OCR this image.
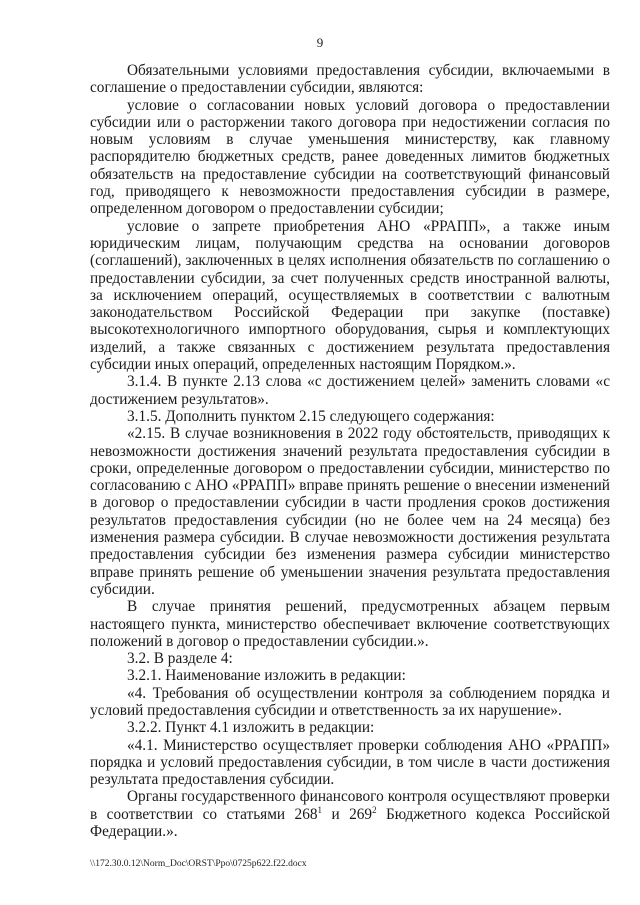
9

Обязательными условиями предоставления субсидии, включаемыми в соглашение о предоставлении субсидии, являются:

условие о согласовании новых условий договора о предоставлении субсидии или о расторжении такого договора при недостижении согласия по новым условиям в случае уменьшения министерству, как главному распорядителю бюджетных средств, ранее доведенных лимитов бюджетных обязательств на предоставление субсидии на соответствующий финансовый год, приводящего к невозможности предоставления субсидии в размере, определенном договором о предоставлении субсидии;

условие о запрете приобретения АНО «РРАПП», а также иным юридическим лицам, получающим средства на основании договоров (соглашений), заключенных в целях исполнения обязательств по соглашению о предоставлении субсидии, за счет полученных средств иностранной валюты, за исключением операций, осуществляемых в соответствии с валютным законодательством Российской Федерации при закупке (поставке) высокотехнологичного импортного оборудования, сырья и комплектующих изделий, а также связанных с достижением результата предоставления субсидии иных операций, определенных настоящим Порядком.».

3.1.4. В пункте 2.13 слова «с достижением целей» заменить словами «с достижением результатов».

3.1.5. Дополнить пунктом 2.15 следующего содержания:

«2.15. В случае возникновения в 2022 году обстоятельств, приводящих к невозможности достижения значений результата предоставления субсидии в сроки, определенные договором о предоставлении субсидии, министерство по согласованию с АНО «РРАПП» вправе принять решение о внесении изменений в договор о предоставлении субсидии в части продления сроков достижения результатов предоставления субсидии (но не более чем на 24 месяца) без изменения размера субсидии. В случае невозможности достижения результата предоставления субсидии без изменения размера субсидии министерство вправе принять решение об уменьшении значения результата предоставления субсидии.

В случае принятия решений, предусмотренных абзацем первым настоящего пункта, министерство обеспечивает включение соответствующих положений в договор о предоставлении субсидии.».

3.2. В разделе 4:

3.2.1. Наименование изложить в редакции:

«4. Требования об осуществлении контроля за соблюдением порядка и условий предоставления субсидии и ответственность за их нарушение».

3.2.2. Пункт 4.1 изложить в редакции:

«4.1. Министерство осуществляет проверки соблюдения АНО «РРАПП» порядка и условий предоставления субсидии, в том числе в части достижения результата предоставления субсидии.

Органы государственного финансового контроля осуществляют проверки в соответствии со статьями $268^1$ и $269^2$ Бюджетного кодекса Российской Федерации.».

\\172.30.0.12\Norm_Doc\ORST\Ppo\0725p622.f22.docx
